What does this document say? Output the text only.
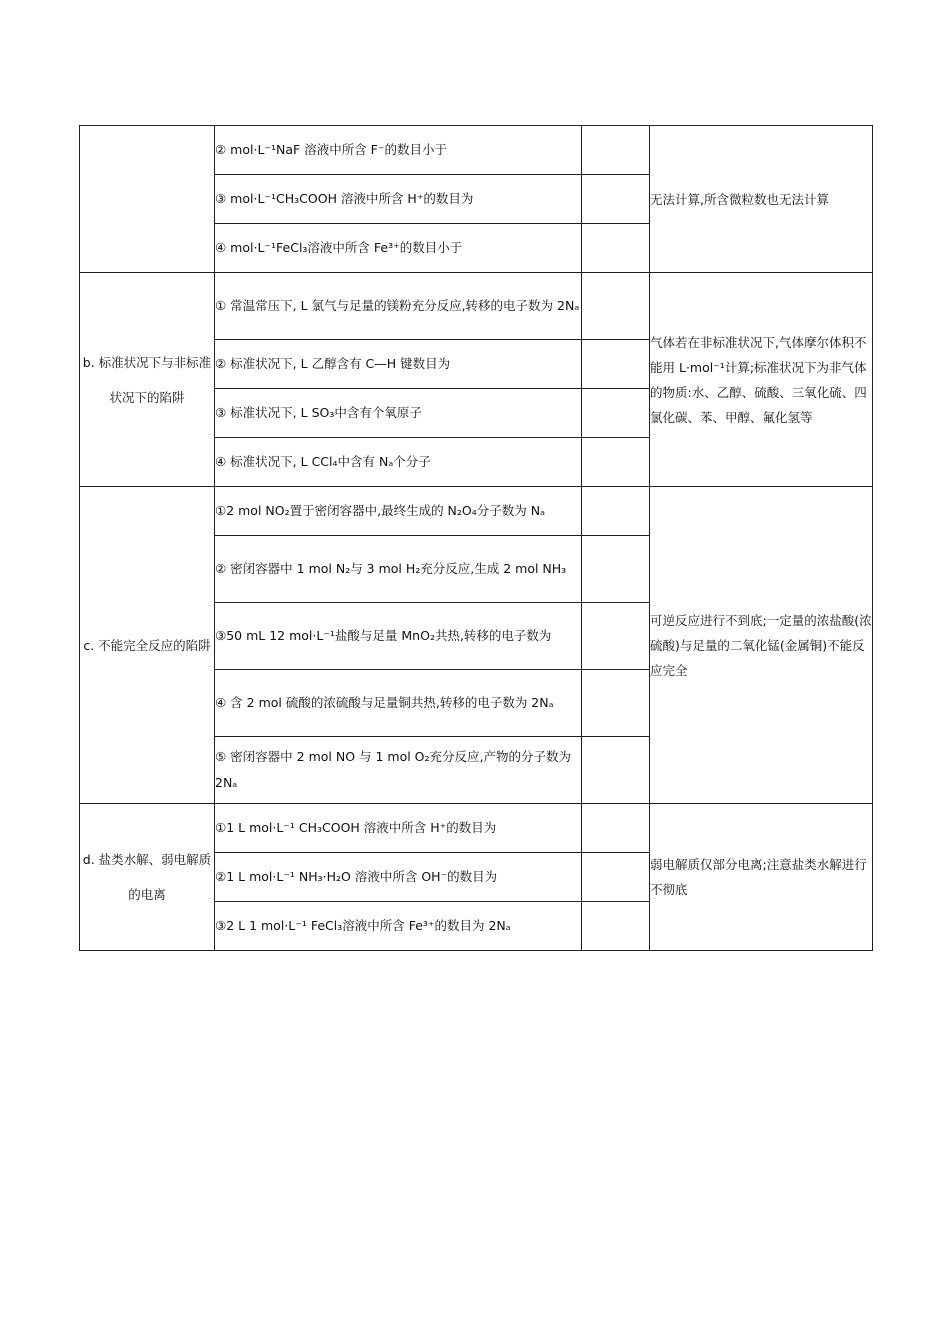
	② mol·L⁻¹NaF 溶液中所含 F⁻的数目小于		无法计算,所含微粒数也无法计算
	③ mol·L⁻¹CH₃COOH 溶液中所含 H⁺的数目为		
	④ mol·L⁻¹FeCl₃溶液中所含 Fe³⁺的数目小于		
b. 标准状况下与非标准状况下的陷阱	① 常温常压下, L 氯气与足量的镁粉充分反应,转移的电子数为 2Nₐ		气体若在非标准状况下,气体摩尔体积不能用 L·mol⁻¹计算;标准状况下为非气体的物质:水、乙醇、硫酸、三氧化硫、四氯化碳、苯、甲醇、氟化氢等
	② 标准状况下, L 乙醇含有 C—H 键数目为		
	③ 标准状况下, L SO₃中含有个氧原子		
	④ 标准状况下, L CCl₄中含有 Nₐ个分子		
c. 不能完全反应的陷阱	①2 mol NO₂置于密闭容器中,最终生成的 N₂O₄分子数为 Nₐ		可逆反应进行不到底;一定量的浓盐酸(浓硫酸)与足量的二氧化锰(金属铜)不能反应完全
	② 密闭容器中 1 mol N₂与 3 mol H₂充分反应,生成 2 mol NH₃		
	③50 mL 12 mol·L⁻¹盐酸与足量 MnO₂共热,转移的电子数为		
	④ 含 2 mol 硫酸的浓硫酸与足量铜共热,转移的电子数为 2Nₐ		
	⑤ 密闭容器中 2 mol NO 与 1 mol O₂充分反应,产物的分子数为 2Nₐ		
d. 盐类水解、弱电解质的电离	①1 L mol·L⁻¹ CH₃COOH 溶液中所含 H⁺的数目为		弱电解质仅部分电离;注意盐类水解进行不彻底
	②1 L mol·L⁻¹ NH₃·H₂O 溶液中所含 OH⁻的数目为		
	③2 L 1 mol·L⁻¹ FeCl₃溶液中所含 Fe³⁺的数目为 2Nₐ		
